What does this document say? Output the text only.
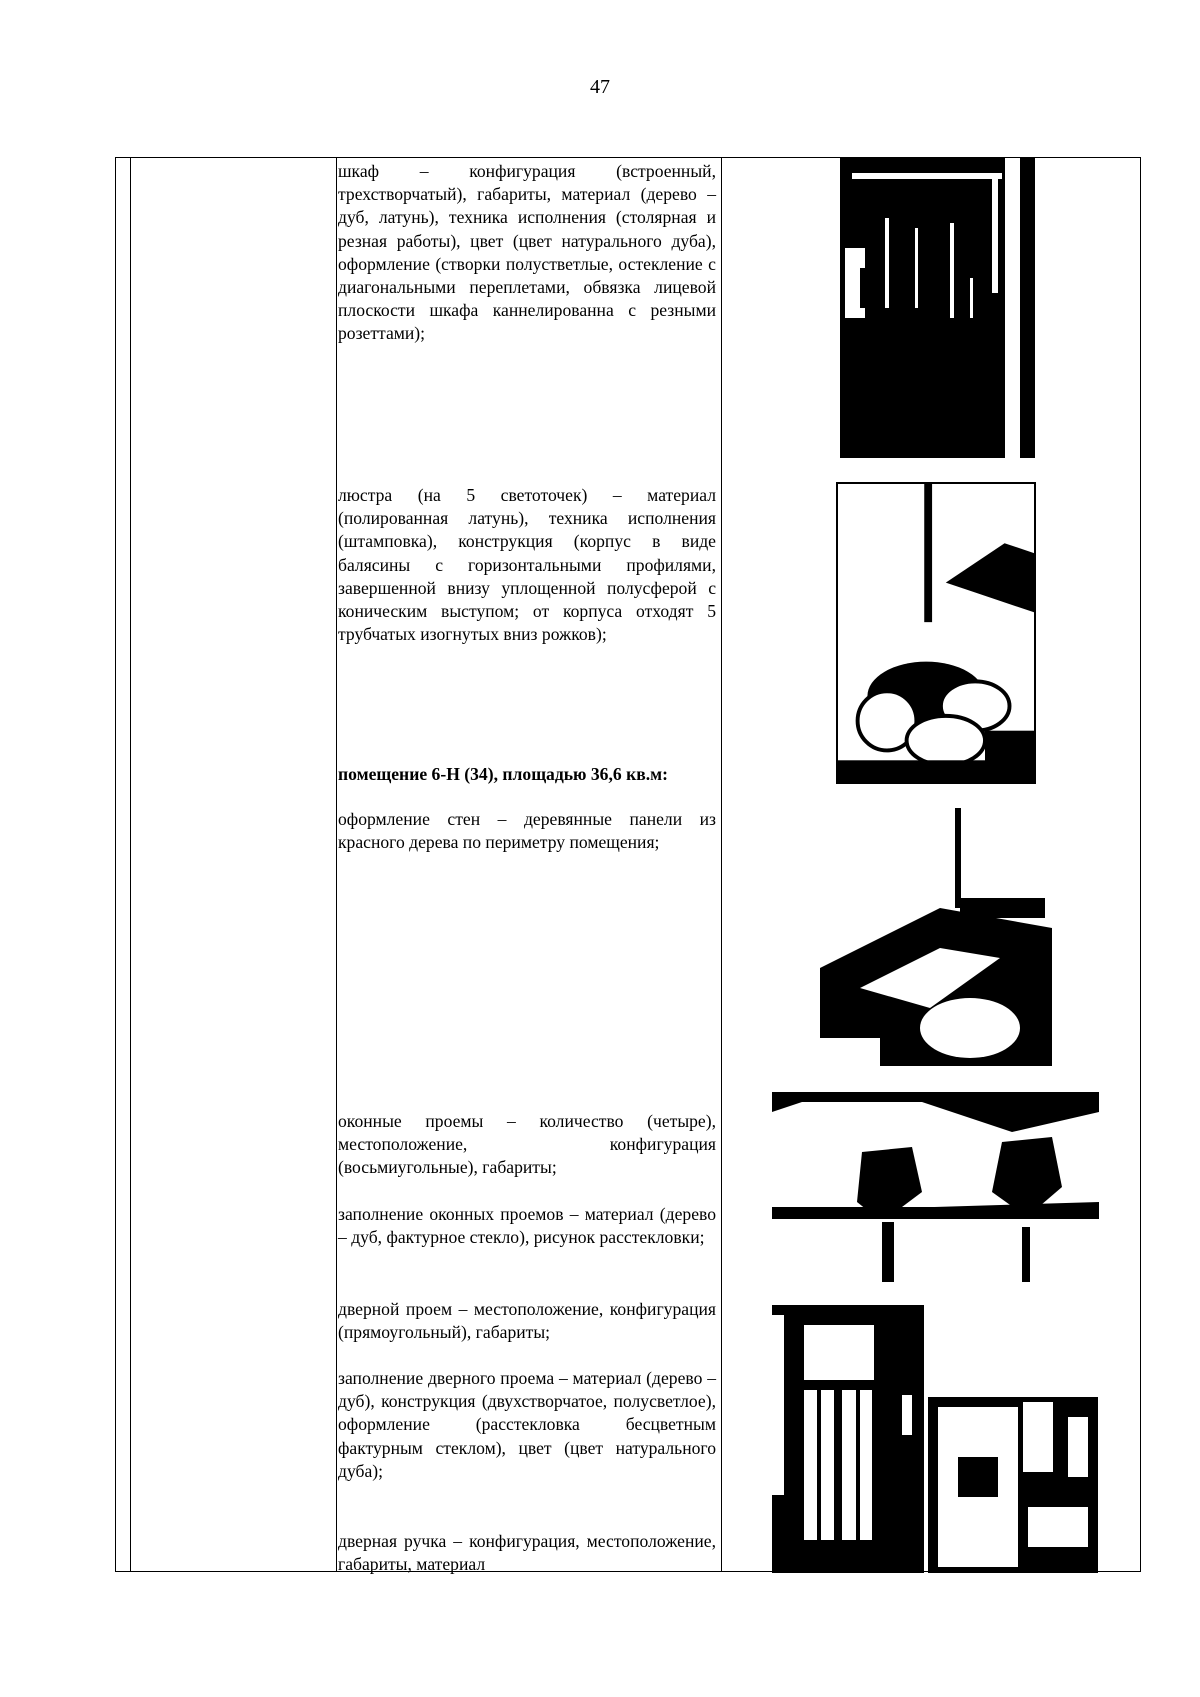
47

шкаф – конфигурация (встроенный, трехстворчатый), габариты, материал (дерево – дуб, латунь), техника исполнения (столярная и резная работы), цвет (цвет натурального дуба), оформление (створки полустветлые, остекление с диагональными переплетами, обвязка лицевой плоскости шкафа каннелированна с резными розеттами);

люстра (на 5 светоточек) – материал (полированная латунь), техника исполнения (штамповка), конструкция (корпус в виде балясины с горизонтальными профилями, завершенной внизу уплощенной полусферой с коническим выступом; от корпуса отходят 5 трубчатых изогнутых вниз рожков);

помещение 6-Н (34), площадью 36,6 кв.м:

оформление стен – деревянные панели из красного дерева по периметру помещения;

оконные проемы – количество (четыре), местоположение, конфигурация (восьмиугольные), габариты;

заполнение оконных проемов – материал (дерево – дуб, фактурное стекло), рисунок расстекловки;

дверной проем – местоположение, конфигурация (прямоугольный), габариты;

заполнение дверного проема – материал (дерево – дуб), конструкция (двухстворчатое, полусветлое), оформление (расстекловка бесцветным фактурным стеклом), цвет (цвет натурального дуба);

дверная ручка – конфигурация, местоположение, габариты, материал
